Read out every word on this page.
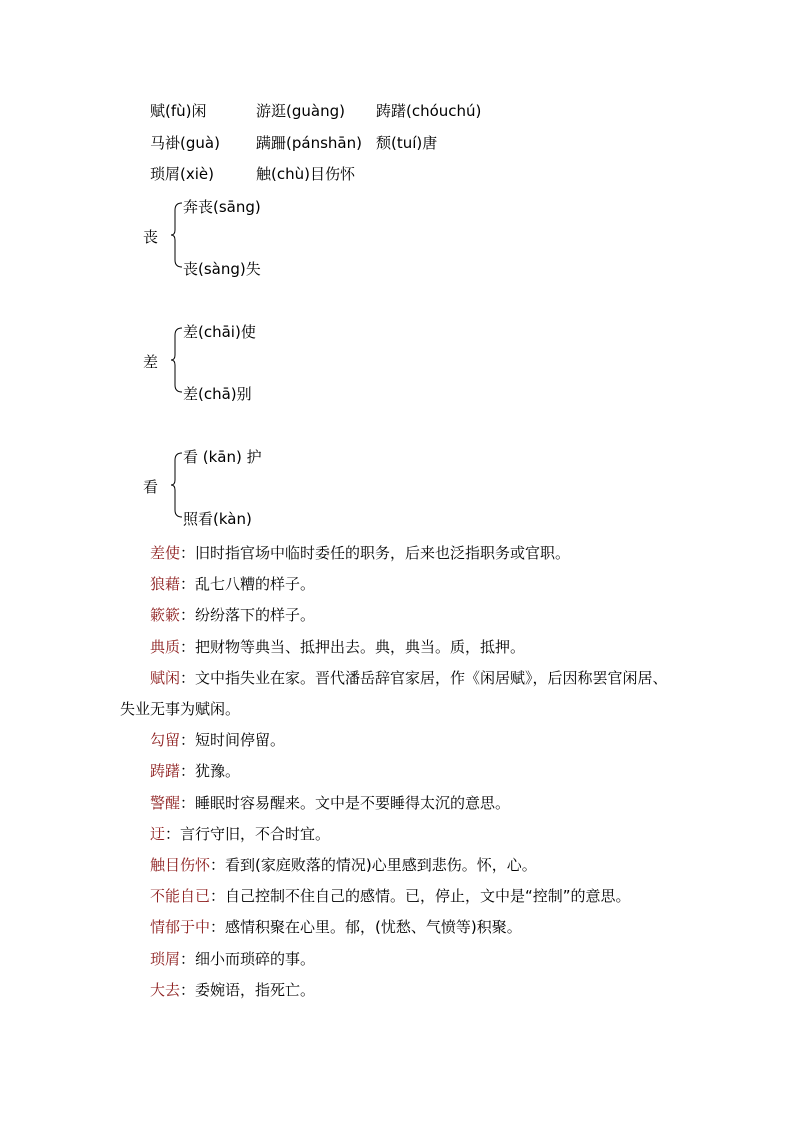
赋(fù)闲	游逛(guàng) 踌躇(chóuchú)
马褂(guà) 蹒跚(pánshān) 颓(tuí)唐
琐屑(xiè)	触(chù)目伤怀
丧
奔丧(sāng)
丧(sàng)失
差
差(chāi)使
差(chā)别
看
看 (kān) 护
照看(kàn)

差使：旧时指官场中临时委任的职务，后来也泛指职务或官职。

狼藉：乱七八糟的样子。

簌簌：纷纷落下的样子。

典质：把财物等典当、抵押出去。典，典当。质，抵押。

赋闲：文中指失业在家。晋代潘岳辞官家居，作《闲居赋》，后因称罢官闲居、失业无事为赋闲。

勾留：短时间停留。

踌躇：犹豫。

警醒：睡眠时容易醒来。文中是不要睡得太沉的意思。

迂：言行守旧，不合时宜。

触目伤怀：看到(家庭败落的情况)心里感到悲伤。怀，心。

不能自已：自己控制不住自己的感情。已，停止，文中是“控制”的意思。

情郁于中：感情积聚在心里。郁，(忧愁、气愤等)积聚。

琐屑：细小而琐碎的事。

大去：委婉语，指死亡。
